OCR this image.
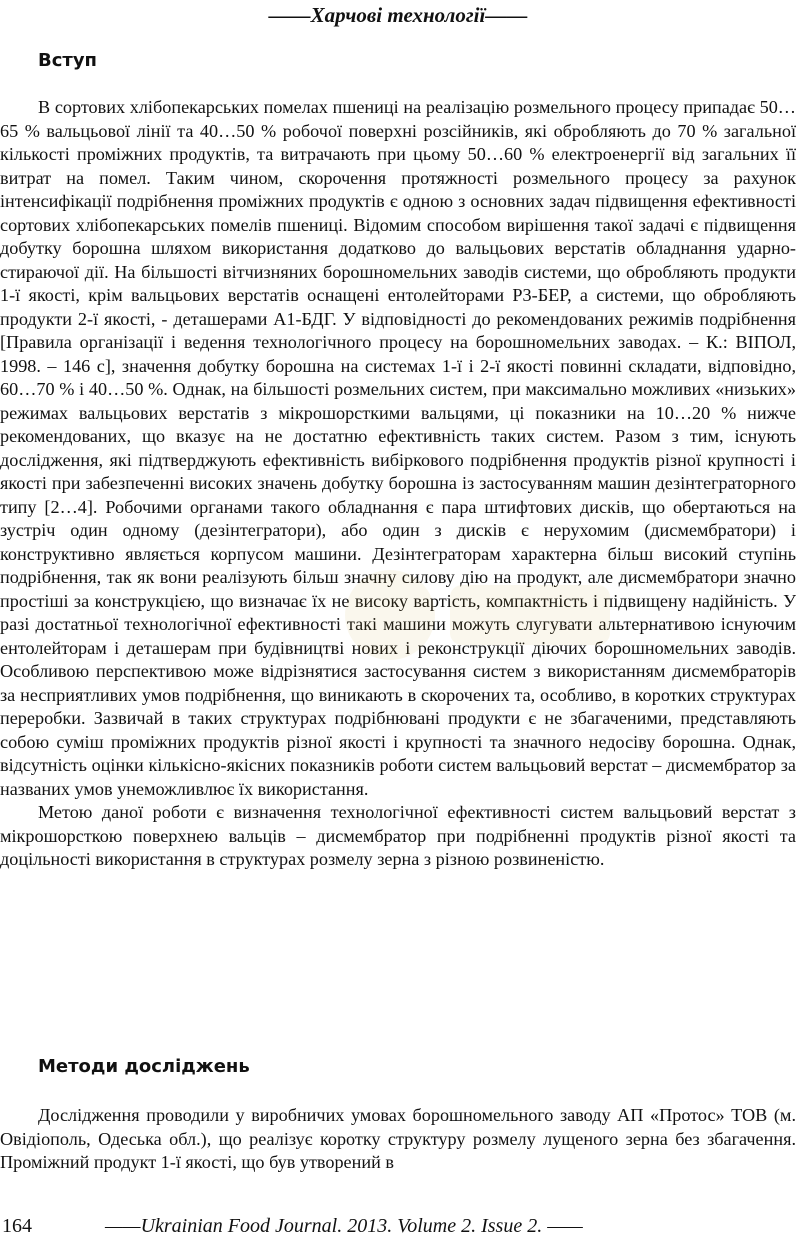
——Харчові технології——
Вступ

В сортових хлібопекарських помелах пшениці на реалізацію розмельного процесу припадає 50…65 % вальцьової лінії та 40…50 % робочої поверхні розсійників, які обробляють до 70 % загальної кількості проміжних продуктів, та витрачають при цьому 50…60 % електроенергії від загальних її витрат на помел. Таким чином, скорочення протяжності розмельного процесу за рахунок інтенсифікації подрібнення проміжних продуктів є одною з основних задач підвищення ефективності сортових хлібопекарських помелів пшениці. Відомим способом вирішення такої задачі є підвищення добутку борошна шляхом використання додатково до вальцьових верстатів обладнання ударно-стираючої дії. На більшості вітчизняних борошномельних заводів системи, що обробляють продукти 1-ї якості, крім вальцьових верстатів оснащені ентолейторами Р3-БЕР, а системи, що обробляють продукти 2-ї якості, - деташерами А1-БДГ. У відповідності до рекомендованих режимів подрібнення [Правила організації і ведення технологічного процесу на борошномельних заводах. – К.: ВІПОЛ, 1998. – 146 с], значення добутку борошна на системах 1-ї і 2-ї якості повинні складати, відповідно, 60…70 % і 40…50 %. Однак, на більшості розмельних систем, при максимально можливих «низьких» режимах вальцьових верстатів з мікрошорсткими вальцями, ці показники на 10…20 % нижче рекомендованих, що вказує на не достатню ефективність таких систем. Разом з тим, існують дослідження, які підтверджують ефективність вибіркового подрібнення продуктів різної крупності і якості при забезпеченні високих значень добутку борошна із застосуванням машин дезінтеграторного типу [2…4]. Робочими органами такого обладнання є пара штифтових дисків, що обертаються на зустріч один одному (дезінтегратори), або один з дисків є нерухомим (дисмембратори) і конструктивно являється корпусом машини. Дезінтеграторам характерна більш високий ступінь подрібнення, так як вони реалізують більш значну силову дію на продукт, але дисмембратори значно простіші за конструкцією, що визначає їх не високу вартість, компактність і підвищену надійність. У разі достатньої технологічної ефективності такі машини можуть слугувати альтернативою існуючим ентолейторам і деташерам при будівництві нових і реконструкції діючих борошномельних заводів. Особливою перспективою може відрізнятися застосування систем з використанням дисмембраторів за несприятливих умов подрібнення, що виникають в скорочених та, особливо, в коротких структурах переробки. Зазвичай в таких структурах подрібнювані продукти є не збагаченими, представляють собою суміш проміжних продуктів різної якості і крупності та значного недосіву борошна. Однак, відсутність оцінки кількісно-якісних показників роботи систем вальцьовий верстат – дисмембратор за названих умов унеможливлює їх використання.

Метою даної роботи є визначення технологічної ефективності систем вальцьовий верстат з мікрошорсткою поверхнею вальців – дисмембратор при подрібненні продуктів різної якості та доцільності використання в структурах розмелу зерна з різною розвиненістю.

Методи досліджень

Дослідження проводили у виробничих умовах борошномельного заводу АП «Протос» ТОВ (м. Овідіополь, Одеська обл.), що реалізує коротку структуру розмелу лущеного зерна без збагачення. Проміжний продукт 1-ї якості, що був утворений в

164	——Ukrainian Food Journal. 2013. Volume 2. Issue 2. ——
